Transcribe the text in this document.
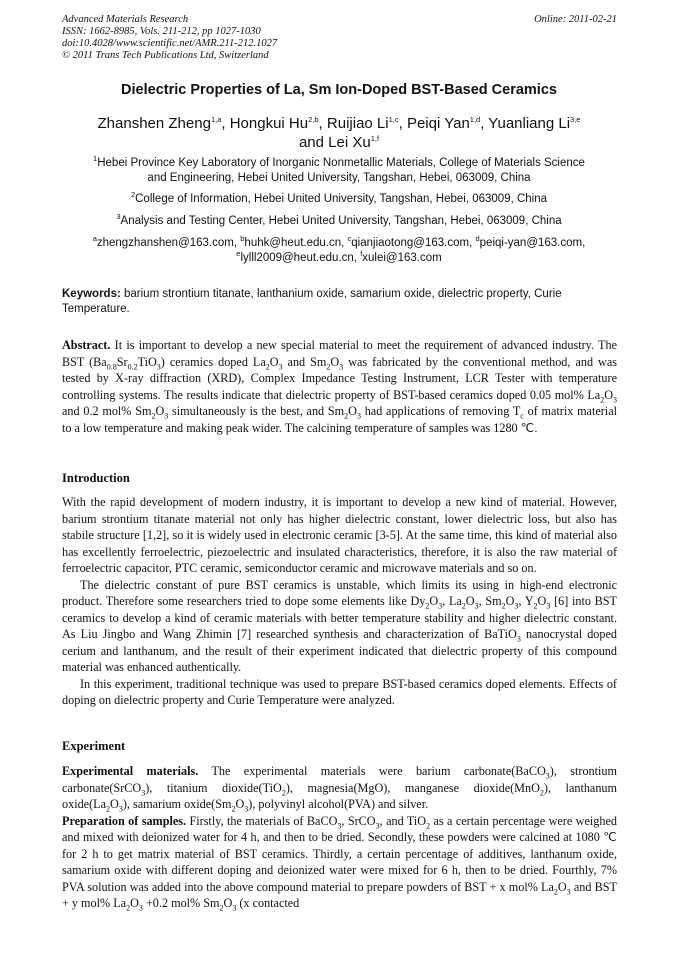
Advanced Materials Research
ISSN: 1662-8985, Vols. 211-212, pp 1027-1030
doi:10.4028/www.scientific.net/AMR.211-212.1027
© 2011 Trans Tech Publications Ltd, Switzerland
Online: 2011-02-21
Dielectric Properties of La, Sm Ion-Doped BST-Based Ceramics
Zhanshen Zheng$^{1,a}$, Hongkui Hu$^{2,b}$, Ruijiao Li$^{1,c}$, Peiqi Yan$^{1,d}$, Yuanliang Li$^{3,e}$
and Lei Xu$^{1,f}$
$^1$Hebei Province Key Laboratory of Inorganic Nonmetallic Materials, College of Materials Science
and Engineering, Hebei United University, Tangshan, Hebei, 063009, China
$^2$College of Information, Hebei United University, Tangshan, Hebei, 063009, China
$^3$Analysis and Testing Center, Hebei United University, Tangshan, Hebei, 063009, China
$^a$zhengzhanshen@163.com, $^b$huhk@heut.edu.cn, $^c$qianjiaotong@163.com, $^d$peiqi-yan@163.com,
$^e$lylll2009@heut.edu.cn, $^f$xulei@163.com
Keywords: barium strontium titanate, lanthanium oxide, samarium oxide, dielectric property, Curie Temperature.
Abstract. It is important to develop a new special material to meet the requirement of advanced industry. The BST $(Ba_{0.8}Sr_{0.2}TiO_3)$ ceramics doped $La_2O_3$ and $Sm_2O_3$ was fabricated by the conventional method, and was tested by X-ray diffraction (XRD), Complex Impedance Testing Instrument, LCR Tester with temperature controlling systems. The results indicate that dielectric property of BST-based ceramics doped 0.05 mol% $La_2O_3$ and 0.2 mol% $Sm_2O_3$ simultaneously is the best, and $Sm_2O_3$ had applications of removing $T_c$ of matrix material to a low temperature and making peak wider. The calcining temperature of samples was 1280 ℃.
Introduction
With the rapid development of modern industry, it is important to develop a new kind of material. However, barium strontium titanate material not only has higher dielectric constant, lower dielectric loss, but also has stabile structure [1,2], so it is widely used in electronic ceramic [3-5]. At the same time, this kind of material also has excellently ferroelectric, piezoelectric and insulated characteristics, therefore, it is also the raw material of ferroelectric capacitor, PTC ceramic, semiconductor ceramic and microwave materials and so on.
The dielectric constant of pure BST ceramics is unstable, which limits its using in high-end electronic product. Therefore some researchers tried to dope some elements like $Dy_2O_3$, $La_2O_3$, $Sm_2O_3$, $Y_2O_3$ [6] into BST ceramics to develop a kind of ceramic materials with better temperature stability and higher dielectric constant. As Liu Jingbo and Wang Zhimin [7] researched synthesis and characterization of BaTiO$_3$ nanocrystal doped cerium and lanthanum, and the result of their experiment indicated that dielectric property of this compound material was enhanced authentically.
In this experiment, traditional technique was used to prepare BST-based ceramics doped elements. Effects of doping on dielectric property and Curie Temperature were analyzed.
Experiment
Experimental materials. The experimental materials were barium carbonate(BaCO$_3$), strontium carbonate(SrCO$_3$), titanium dioxide(TiO$_2$), magnesia(MgO), manganese dioxide(MnO$_2$), lanthanum $oxide(La_2O_3)$, samarium $oxide(Sm_2O_3)$, polyvinyl alcohol(PVA) and silver.
Preparation of samples. Firstly, the materials of BaCO$_3$, SrCO$_3$, and TiO$_2$ as a certain percentage were weighed and mixed with deionized water for 4 h, and then to be dried. Secondly, these powders were calcined at 1080 ℃ for 2 h to get matrix material of BST ceramics. Thirdly, a certain percentage of additives, lanthanum oxide, samarium oxide with different doping and deionized water were mixed for 6 h, then to be dried. Fourthly, 7% PVA solution was added into the above compound material to prepare powders of BST + x mol% $La_2O_3$ and BST + y mol% $La_2O_3 +0.2$ mol% $Sm_2O_3$ (x contacted
